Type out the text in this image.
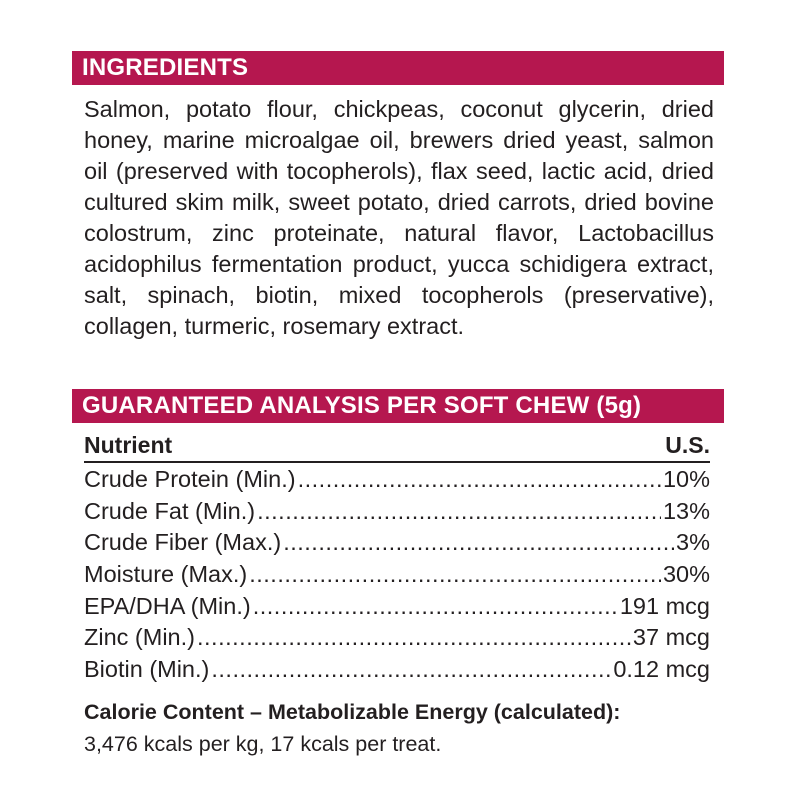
INGREDIENTS
Salmon, potato flour, chickpeas, coconut glycerin, dried honey, marine microalgae oil, brewers dried yeast, salmon oil (preserved with tocopherols), flax seed, lactic acid, dried cultured skim milk, sweet potato, dried carrots, dried bovine colostrum, zinc proteinate, natural flavor, Lactobacillus acidophilus fermentation product, yucca schidigera extract, salt, spinach, biotin, mixed tocopherols (preservative), collagen, turmeric, rosemary extract.
GUARANTEED ANALYSIS PER SOFT CHEW (5g)
Nutrient	U.S.
Crude Protein (Min.) .....	10%
Crude Fat (Min.) .....	13%
Crude Fiber (Max.) .....	3%
Moisture (Max.) .....	30%
EPA/DHA (Min.) .....	191 mcg
Zinc (Min.) .....	37 mcg
Biotin (Min.) .....	0.12 mcg
Calorie Content – Metabolizable Energy (calculated):
3,476 kcals per kg, 17 kcals per treat.
